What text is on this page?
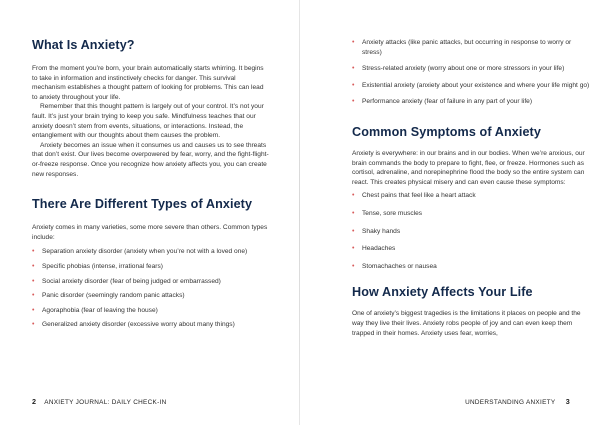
What Is Anxiety?

From the moment you’re born, your brain automatically starts whirring. It begins to take in information and instinctively checks for danger. This survival mechanism establishes a thought pattern of looking for problems. This can lead to anxiety throughout your life.

Remember that this thought pattern is largely out of your control. It’s not your fault. It’s just your brain trying to keep you safe. Mindfulness teaches that our anxiety doesn’t stem from events, situations, or interactions. Instead, the entanglement with our thoughts about them causes the problem.

Anxiety becomes an issue when it consumes us and causes us to see threats that don’t exist. Our lives become overpowered by fear, worry, and the fight-flight-or-freeze response. Once you recognize how anxiety affects you, you can create new responses.

There Are Different Types of Anxiety

Anxiety comes in many varieties, some more severe than others. Common types include:

• Separation anxiety disorder (anxiety when you’re not with a loved one)
• Specific phobias (intense, irrational fears)
• Social anxiety disorder (fear of being judged or embarrassed)
• Panic disorder (seemingly random panic attacks)
• Agoraphobia (fear of leaving the house)
• Generalized anxiety disorder (excessive worry about many things)
2 ANXIETY JOURNAL: DAILY CHECK-IN
• Anxiety attacks (like panic attacks, but occurring in response to worry or stress)
• Stress-related anxiety (worry about one or more stressors in your life)
• Existential anxiety (anxiety about your existence and where your life might go)
• Performance anxiety (fear of failure in any part of your life)
Common Symptoms of Anxiety

Anxiety is everywhere: in our brains and in our bodies. When we’re anxious, our brain commands the body to prepare to fight, flee, or freeze. Hormones such as cortisol, adrenaline, and norepinephrine flood the body so the entire system can react. This creates physical misery and can even cause these symptoms:

• Chest pains that feel like a heart attack
• Tense, sore muscles
• Shaky hands
• Headaches
• Stomachaches or nausea
How Anxiety Affects Your Life

One of anxiety’s biggest tragedies is the limitations it places on people and the way they live their lives. Anxiety robs people of joy and can even keep them trapped in their homes. Anxiety uses fear, worries,

UNDERSTANDING ANXIETY 3
